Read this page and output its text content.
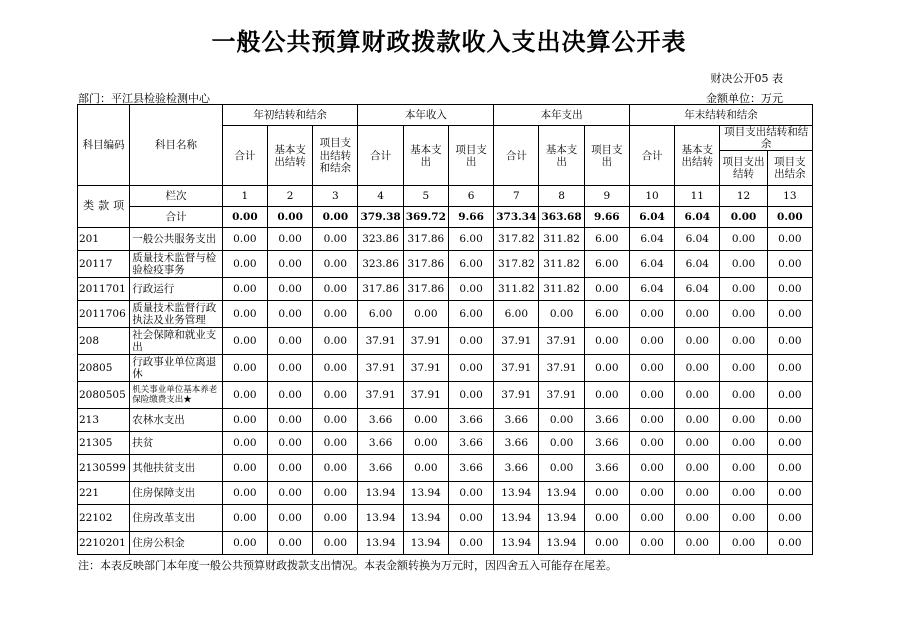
一般公共预算财政拨款收入支出决算公开表
财决公开05 表
部门：平江县检验检测中心	金额单位：万元
科目编码	科目名称	年初结转和结余			本年收入			本年支出			年末结转和结余			
		合计	基本支出结转	项目支出结转和结余	合计	基本支出	项目支出	合计	基本支出	项目支出	合计	基本支出结转	项目支出结转和结余	
													项目支出结转	项目支出结余
类 款 项	栏次	1	2	3	4	5	6	7	8	9	10	11	12	13
	合计	0.00	0.00	0.00	379.38	369.72	9.66	373.34	363.68	9.66	6.04	6.04	0.00	0.00
201	一般公共服务支出	0.00	0.00	0.00	323.86	317.86	6.00	317.82	311.82	6.00	6.04	6.04	0.00	0.00
20117	质量技术监督与检验检疫事务	0.00	0.00	0.00	323.86	317.86	6.00	317.82	311.82	6.00	6.04	6.04	0.00	0.00
2011701	行政运行	0.00	0.00	0.00	317.86	317.86	0.00	311.82	311.82	0.00	6.04	6.04	0.00	0.00
2011706	质量技术监督行政执法及业务管理	0.00	0.00	0.00	6.00	0.00	6.00	6.00	0.00	6.00	0.00	0.00	0.00	0.00
208	社会保障和就业支出	0.00	0.00	0.00	37.91	37.91	0.00	37.91	37.91	0.00	0.00	0.00	0.00	0.00
20805	行政事业单位离退休	0.00	0.00	0.00	37.91	37.91	0.00	37.91	37.91	0.00	0.00	0.00	0.00	0.00
2080505	机关事业单位基本养老保险缴费支出★	0.00	0.00	0.00	37.91	37.91	0.00	37.91	37.91	0.00	0.00	0.00	0.00	0.00
213	农林水支出	0.00	0.00	0.00	3.66	0.00	3.66	3.66	0.00	3.66	0.00	0.00	0.00	0.00
21305	扶贫	0.00	0.00	0.00	3.66	0.00	3.66	3.66	0.00	3.66	0.00	0.00	0.00	0.00
2130599	其他扶贫支出	0.00	0.00	0.00	3.66	0.00	3.66	3.66	0.00	3.66	0.00	0.00	0.00	0.00
221	住房保障支出	0.00	0.00	0.00	13.94	13.94	0.00	13.94	13.94	0.00	0.00	0.00	0.00	0.00
22102	住房改革支出	0.00	0.00	0.00	13.94	13.94	0.00	13.94	13.94	0.00	0.00	0.00	0.00	0.00
2210201	住房公积金	0.00	0.00	0.00	13.94	13.94	0.00	13.94	13.94	0.00	0.00	0.00	0.00	0.00
注：本表反映部门本年度一般公共预算财政拨款支出情况。本表金额转换为万元时，因四舍五入可能存在尾差。
